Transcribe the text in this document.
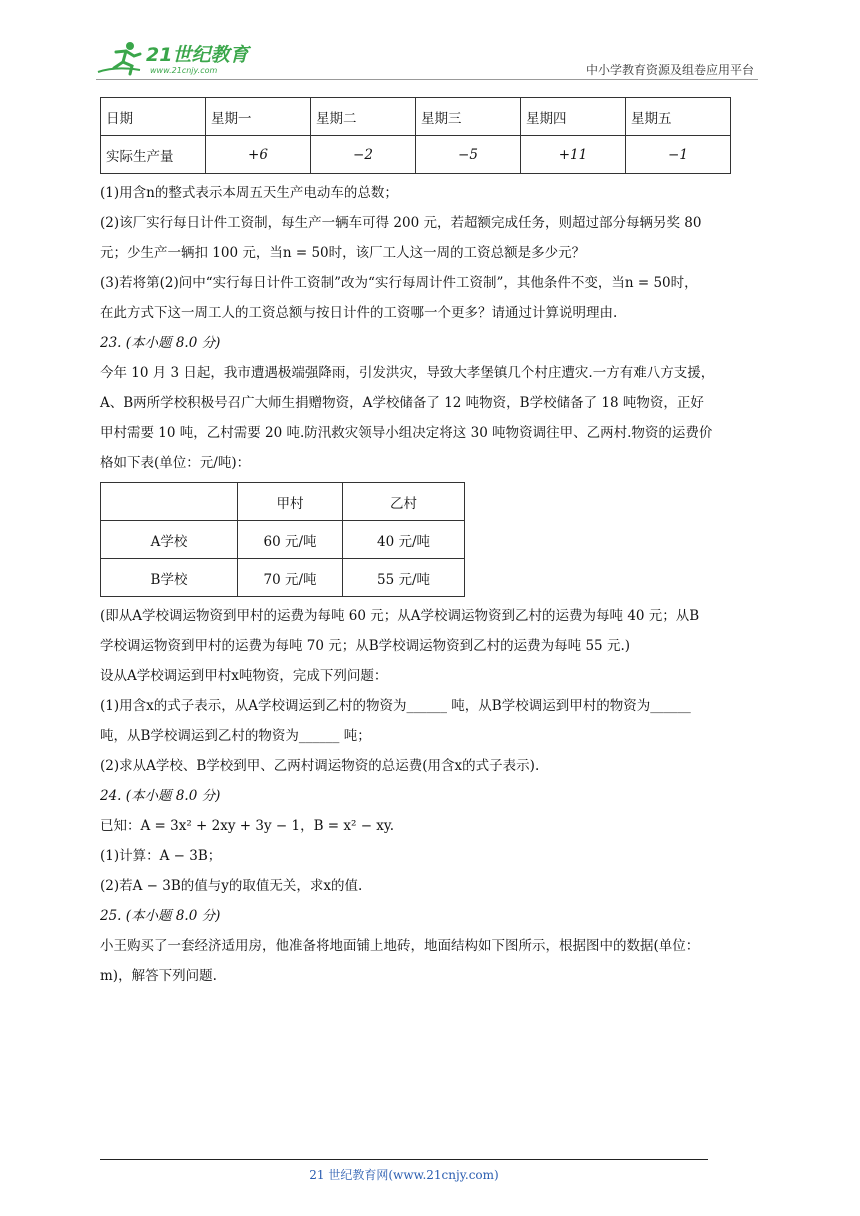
21世纪教育
www.21cnjy.com	中小学教育资源及组卷应用平台
日期	星期一	星期二	星期三	星期四	星期五
实际生产量	+6	−2	−5	+11	−1

(1)用含n的整式表示本周五天生产电动车的总数；

(2)该厂实行每日计件工资制，每生产一辆车可得 200 元，若超额完成任务，则超过部分每辆另奖 80

元；少生产一辆扣 100 元，当n = 50时，该厂工人这一周的工资总额是多少元？

(3)若将第(2)问中“实行每日计件工资制”改为“实行每周计件工资制”，其他条件不变，当n = 50时，

在此方式下这一周工人的工资总额与按日计件的工资哪一个更多？请通过计算说明理由.

23. (本小题 8.0 分)

今年 10 月 3 日起，我市遭遇极端强降雨，引发洪灾，导致大孝堡镇几个村庄遭灾.一方有难八方支援，

A、B两所学校积极号召广大师生捐赠物资，A学校储备了 12 吨物资，B学校储备了 18 吨物资，正好

甲村需要 10 吨，乙村需要 20 吨.防汛救灾领导小组决定将这 30 吨物资调往甲、乙两村.物资的运费价

格如下表(单位：元/吨)：

	甲村	乙村
A学校	60 元/吨	40 元/吨
B学校	70 元/吨	55 元/吨

(即从A学校调运物资到甲村的运费为每吨 60 元；从A学校调运物资到乙村的运费为每吨 40 元；从B

学校调运物资到甲村的运费为每吨 70 元；从B学校调运物资到乙村的运费为每吨 55 元.)

设从A学校调运到甲村x吨物资，完成下列问题：

(1)用含x的式子表示，从A学校调运到乙村的物资为______ 吨，从B学校调运到甲村的物资为______

吨，从B学校调运到乙村的物资为______ 吨；

(2)求从A学校、B学校到甲、乙两村调运物资的总运费(用含x的式子表示).

24. (本小题 8.0 分)

已知：A = 3x² + 2xy + 3y − 1，B = x² − xy.

(1)计算：A − 3B；

(2)若A − 3B的值与y的取值无关，求x的值.

25. (本小题 8.0 分)

小王购买了一套经济适用房，他准备将地面铺上地砖，地面结构如下图所示，根据图中的数据(单位：

m)，解答下列问题.

21 世纪教育网(www.21cnjy.com)
